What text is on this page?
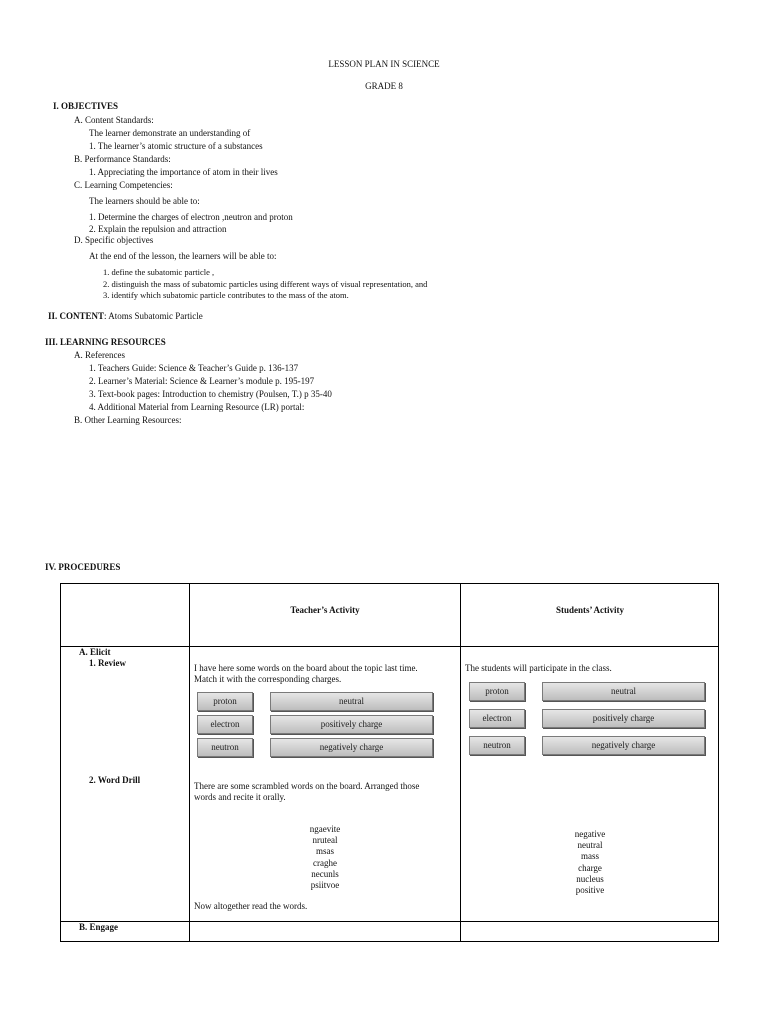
LESSON PLAN IN SCIENCE
GRADE 8
I. OBJECTIVES
A. Content Standards:
The learner demonstrate an understanding of
1. The learner’s atomic structure of a substances
B. Performance Standards:
1. Appreciating the importance of atom in their lives
C. Learning Competencies:
The learners should be able to:
1. Determine the charges of electron ,neutron and proton
2. Explain the repulsion and attraction
D. Specific objectives
At the end of the lesson, the learners will be able to:
1. define the subatomic particle ,
2. distinguish the mass of subatomic particles using different ways of visual representation, and
3. identify which subatomic particle contributes to the mass of the atom.
II. CONTENT: Atoms Subatomic Particle
III. LEARNING RESOURCES
A. References
1. Teachers Guide: Science & Teacher’s Guide p. 136-137
2. Learner’s Material: Science & Learner’s module p. 195-197
3. Text-book pages: Introduction to chemistry (Poulsen, T.) p 35-40
4. Additional Material from Learning Resource (LR) portal:
B. Other Learning Resources:
IV. PROCEDURES
Teacher’s Activity	Students’ Activity
A. Elicit
1. Review
2. Word Drill
B. Engage
I have here some words on the board about the topic last time.
Match it with the corresponding charges.
proton
electron
neutron
neutral
positively charge
negatively charge
There are some scrambled words on the board. Arranged those
words and recite it orally.
ngaevite
nruteal
msas
craghe
necunls
psiitvoe
Now altogether read the words.
The students will participate in the class.
proton
electron
neutron
neutral
positively charge
negatively charge
negative
neutral
mass
charge
nucleus
positive
